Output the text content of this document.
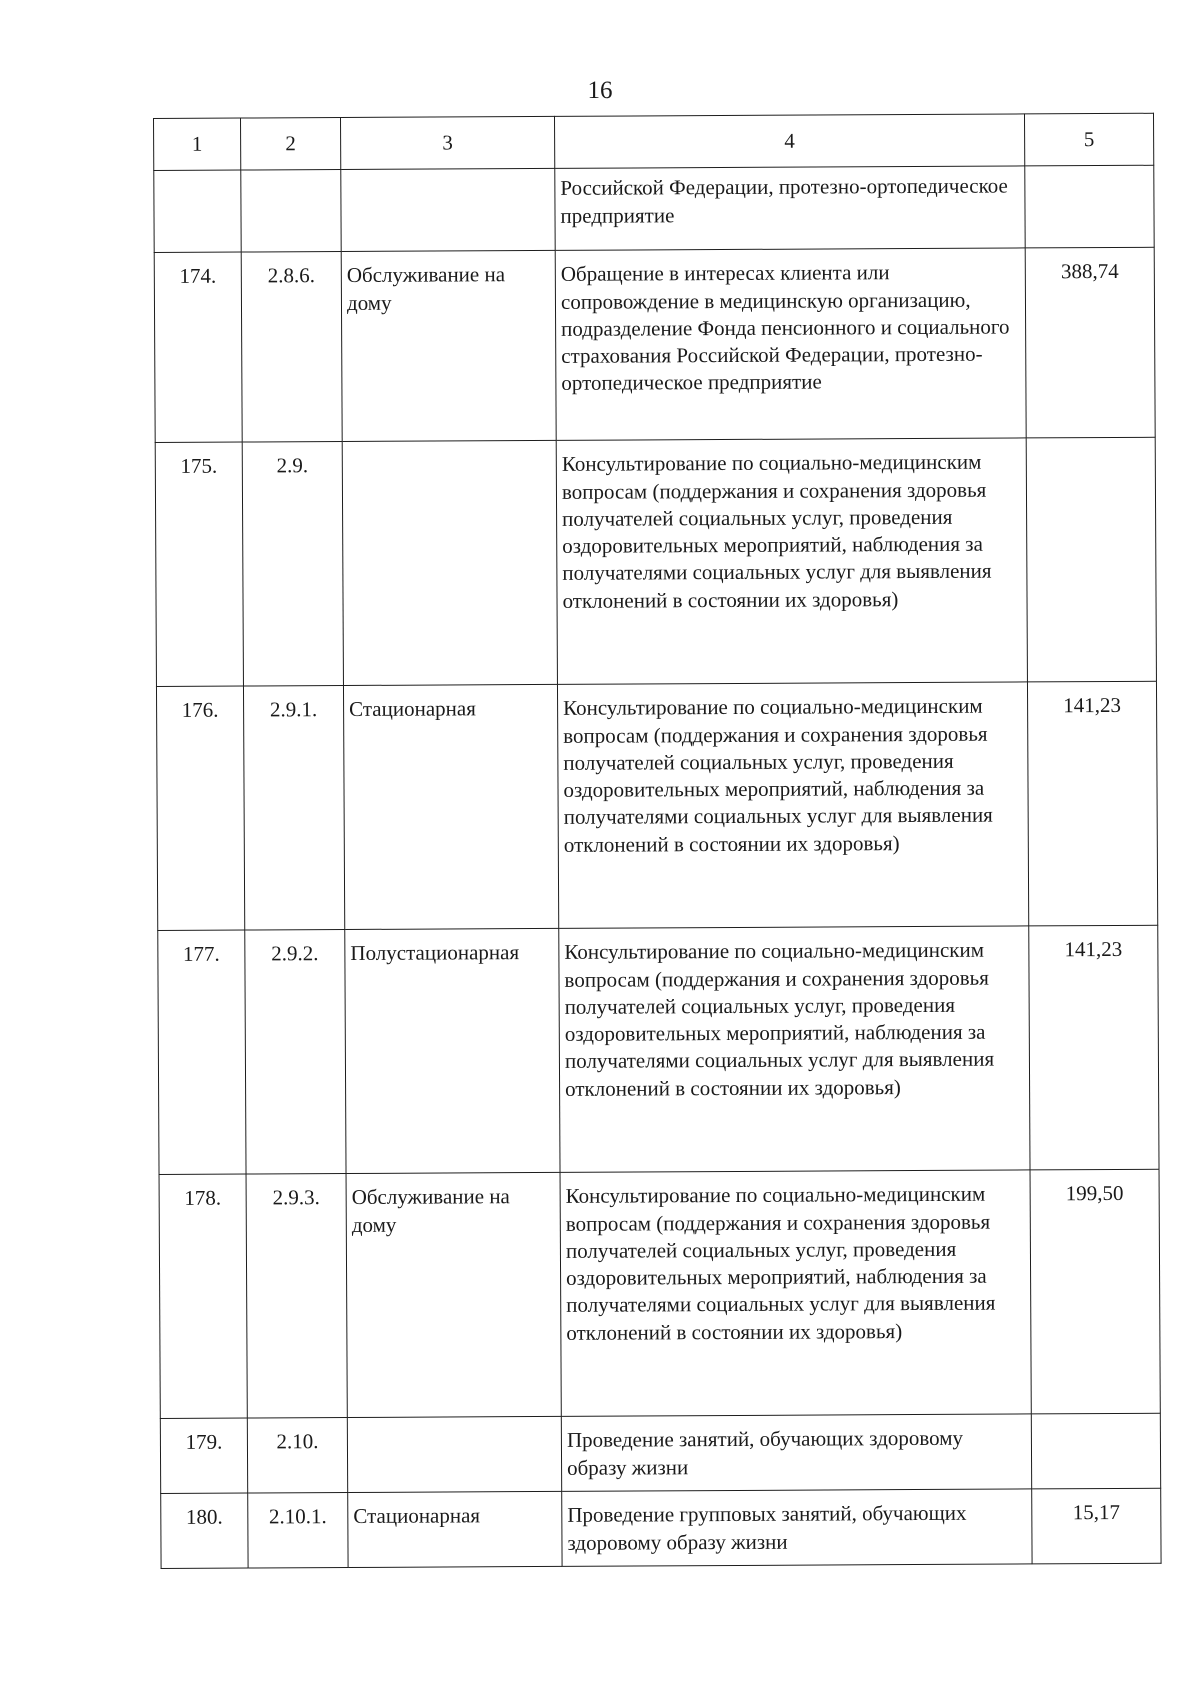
16
1	2	3	4	5
			Российской Федерации, протезно-ортопедическое предприятие	
174.	2.8.6.	Обслуживание на дому	Обращение в интересах клиента или сопровождение в медицинскую организацию, подразделение Фонда пенсионного и социального страхования Российской Федерации, протезно-ортопедическое предприятие	388,74
175.	2.9.		Консультирование по социально-медицинским вопросам (поддержания и сохранения здоровья получателей социальных услуг, проведения оздоровительных мероприятий, наблюдения за получателями социальных услуг для выявления отклонений в состоянии их здоровья)	
176.	2.9.1.	Стационарная	Консультирование по социально-медицинским вопросам (поддержания и сохранения здоровья получателей социальных услуг, проведения оздоровительных мероприятий, наблюдения за получателями социальных услуг для выявления отклонений в состоянии их здоровья)	141,23
177.	2.9.2.	Полустационарная	Консультирование по социально-медицинским вопросам (поддержания и сохранения здоровья получателей социальных услуг, проведения оздоровительных мероприятий, наблюдения за получателями социальных услуг для выявления отклонений в состоянии их здоровья)	141,23
178.	2.9.3.	Обслуживание на дому	Консультирование по социально-медицинским вопросам (поддержания и сохранения здоровья получателей социальных услуг, проведения оздоровительных мероприятий, наблюдения за получателями социальных услуг для выявления отклонений в состоянии их здоровья)	199,50
179.	2.10.		Проведение занятий, обучающих здоровому образу жизни	
180.	2.10.1.	Стационарная	Проведение групповых занятий, обучающих здоровому образу жизни	15,17
